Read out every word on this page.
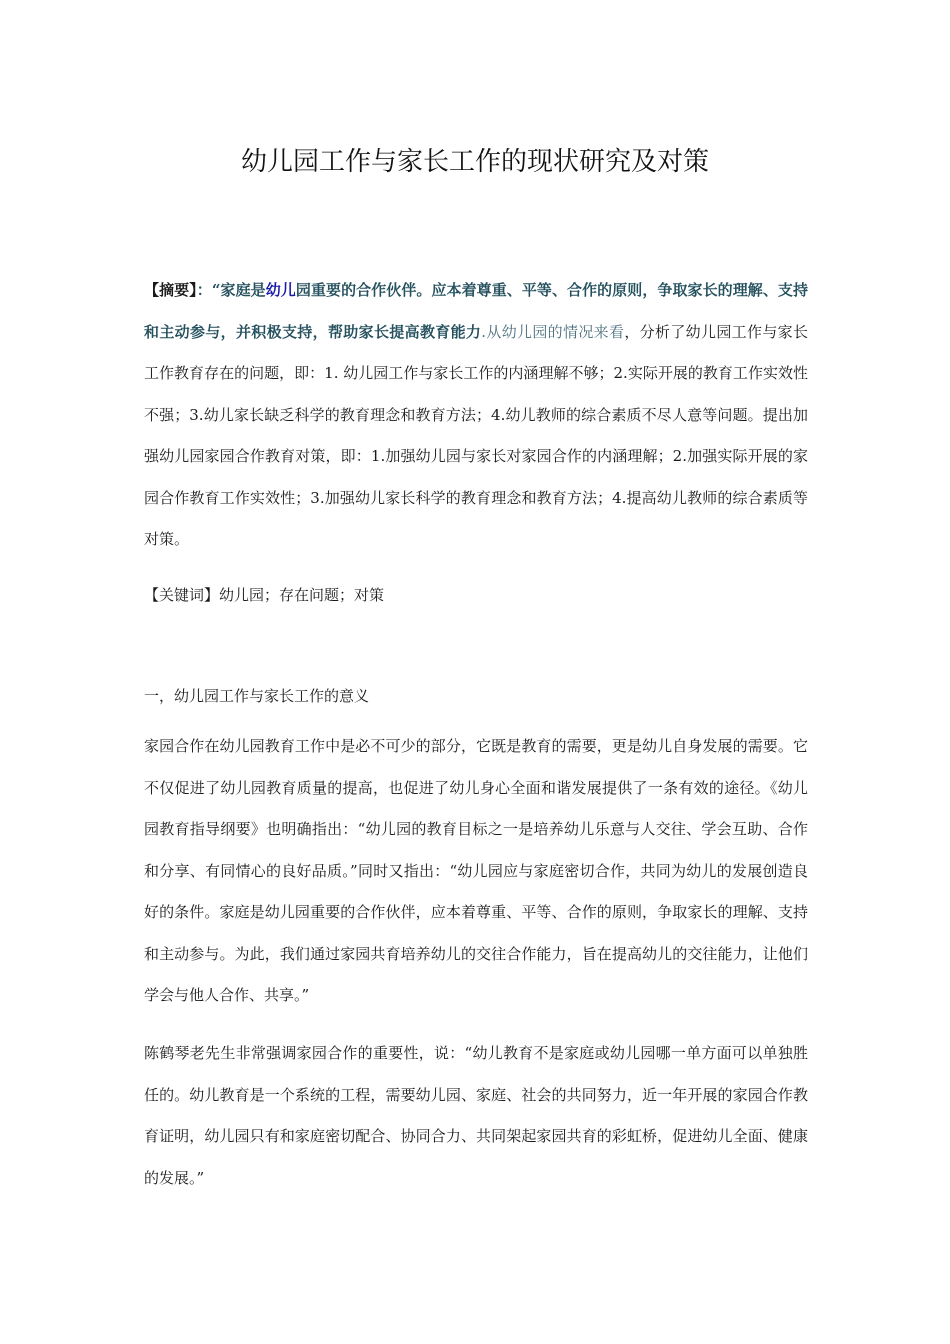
幼儿园工作与家长工作的现状研究及对策

【摘要】：“家庭是幼儿园重要的合作伙伴。应本着尊重、平等、合作的原则，争取家长的理解、支持和主动参与，并积极支持，帮助家长提高教育能力.从幼儿园的情况来看，分析了幼儿园工作与家长工作教育存在的问题，即：1. 幼儿园工作与家长工作的内涵理解不够；2.实际开展的教育工作实效性不强；3.幼儿家长缺乏科学的教育理念和教育方法；4.幼儿教师的综合素质不尽人意等问题。提出加强幼儿园家园合作教育对策，即：1.加强幼儿园与家长对家园合作的内涵理解；2.加强实际开展的家园合作教育工作实效性；3.加强幼儿家长科学的教育理念和教育方法；4.提高幼儿教师的综合素质等对策。

【关键词】幼儿园；存在问题；对策

一，幼儿园工作与家长工作的意义

家园合作在幼儿园教育工作中是必不可少的部分，它既是教育的需要，更是幼儿自身发展的需要。它不仅促进了幼儿园教育质量的提高，也促进了幼儿身心全面和谐发展提供了一条有效的途径。《幼儿园教育指导纲要》也明确指出：“幼儿园的教育目标之一是培养幼儿乐意与人交往、学会互助、合作和分享、有同情心的良好品质。”同时又指出：“幼儿园应与家庭密切合作，共同为幼儿的发展创造良好的条件。家庭是幼儿园重要的合作伙伴，应本着尊重、平等、合作的原则，争取家长的理解、支持和主动参与。为此，我们通过家园共育培养幼儿的交往合作能力，旨在提高幼儿的交往能力，让他们学会与他人合作、共享。”

陈鹤琴老先生非常强调家园合作的重要性，说：“幼儿教育不是家庭或幼儿园哪一单方面可以单独胜任的。幼儿教育是一个系统的工程，需要幼儿园、家庭、社会的共同努力，近一年开展的家园合作教育证明，幼儿园只有和家庭密切配合、协同合力、共同架起家园共育的彩虹桥，促进幼儿全面、健康的发展。”
